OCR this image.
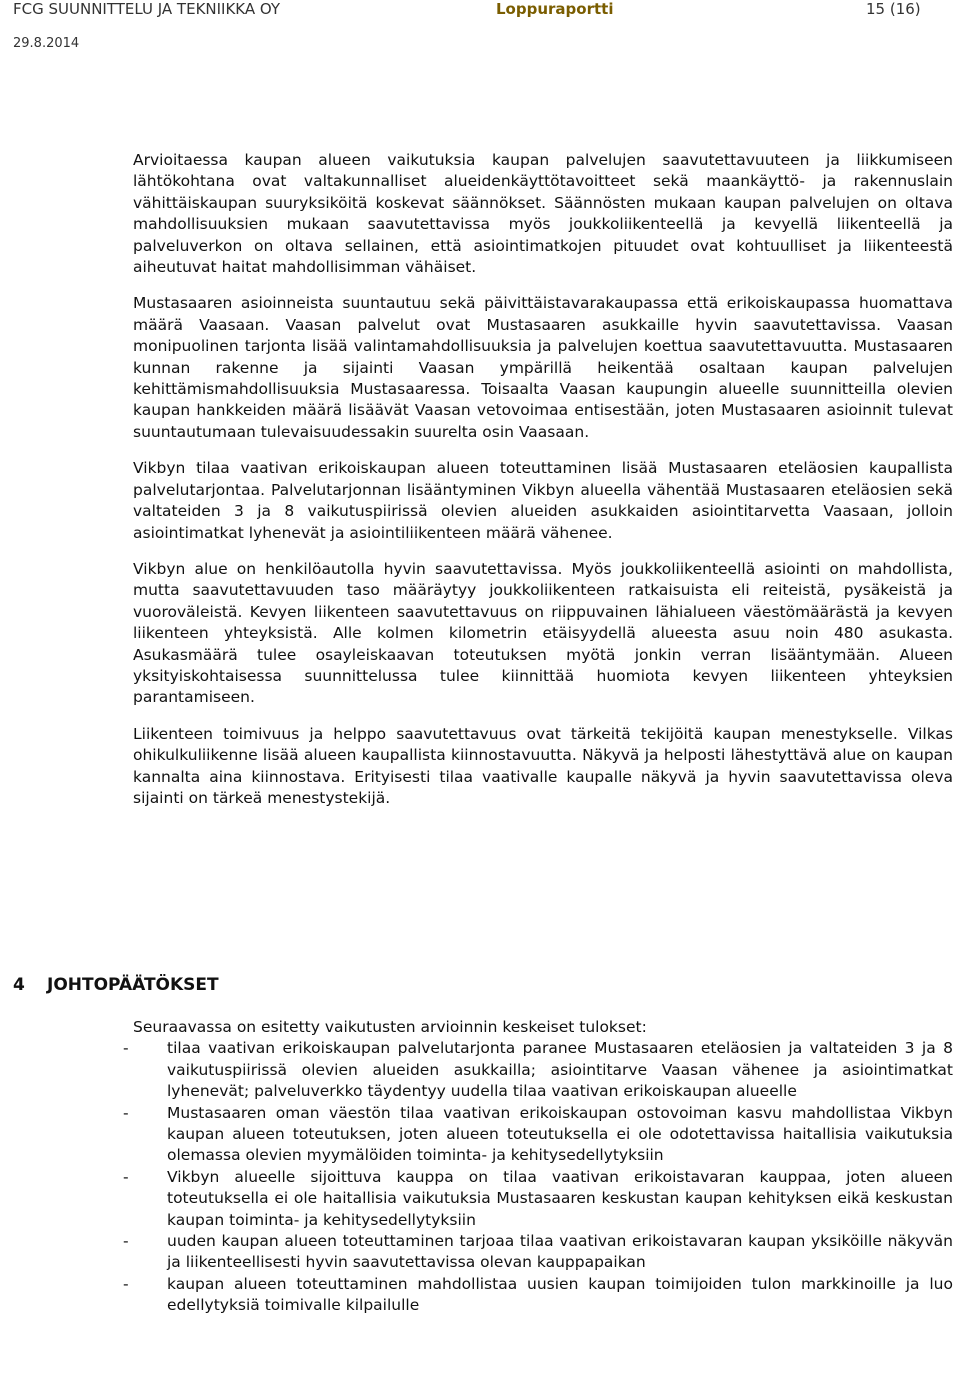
FCG SUUNNITTELU JA TEKNIIKKA OY	Loppuraportti	15 (16)
29.8.2014

Arvioitaessa kaupan alueen vaikutuksia kaupan palvelujen saavutettavuuteen ja liikkumiseen lähtökohtana ovat valtakunnalliset alueidenkäyttötavoitteet sekä maankäyttö- ja rakennuslain vähittäiskaupan suuryksiköitä koskevat säännökset. Säännösten mukaan kaupan palvelujen on oltava mahdollisuuksien mukaan saavutettavissa myös joukkoliikenteellä ja kevyellä liikenteellä ja palveluverkon on oltava sellainen, että asiointimatkojen pituudet ovat kohtuulliset ja liikenteestä aiheutuvat haitat mahdollisimman vähäiset.

Mustasaaren asioinneista suuntautuu sekä päivittäistavarakaupassa että erikoiskaupassa huomattava määrä Vaasaan. Vaasan palvelut ovat Mustasaaren asukkaille hyvin saavutettavissa. Vaasan monipuolinen tarjonta lisää valintamahdollisuuksia ja palvelujen koettua saavutettavuutta. Mustasaaren kunnan rakenne ja sijainti Vaasan ympärillä heikentää osaltaan kaupan palvelujen kehittämismahdollisuuksia Mustasaaressa. Toisaalta Vaasan kaupungin alueelle suunnitteilla olevien kaupan hankkeiden määrä lisäävät Vaasan vetovoimaa entisestään, joten Mustasaaren asioinnit tulevat suuntautumaan tulevaisuudessakin suurelta osin Vaasaan.

Vikbyn tilaa vaativan erikoiskaupan alueen toteuttaminen lisää Mustasaaren eteläosien kaupallista palvelutarjontaa. Palvelutarjonnan lisääntyminen Vikbyn alueella vähentää Mustasaaren eteläosien sekä valtateiden 3 ja 8 vaikutuspiirissä olevien alueiden asukkaiden asiointitarvetta Vaasaan, jolloin asiointimatkat lyhenevät ja asiointiliikenteen määrä vähenee.

Vikbyn alue on henkilöautolla hyvin saavutettavissa. Myös joukkoliikenteellä asiointi on mahdollista, mutta saavutettavuuden taso määräytyy joukkoliikenteen ratkaisuista eli reiteistä, pysäkeistä ja vuoroväleistä. Kevyen liikenteen saavutettavuus on riippuvainen lähialueen väestömäärästä ja kevyen liikenteen yhteyksistä. Alle kolmen kilometrin etäisyydellä alueesta asuu noin 480 asukasta. Asukasmäärä tulee osayleiskaavan toteutuksen myötä jonkin verran lisääntymään. Alueen yksityiskohtaisessa suunnittelussa tulee kiinnittää huomiota kevyen liikenteen yhteyksien parantamiseen.

Liikenteen toimivuus ja helppo saavutettavuus ovat tärkeitä tekijöitä kaupan menestykselle. Vilkas ohikulkuliikenne lisää alueen kaupallista kiinnostavuutta. Näkyvä ja helposti lähestyttävä alue on kaupan kannalta aina kiinnostava. Erityisesti tilaa vaativalle kaupalle näkyvä ja hyvin saavutettavissa oleva sijainti on tärkeä menestystekijä.

4 JOHTOPÄÄTÖKSET
Seuraavassa on esitetty vaikutusten arvioinnin keskeiset tulokset:
- tilaa vaativan erikoiskaupan palvelutarjonta paranee Mustasaaren eteläosien ja valtateiden 3 ja 8 vaikutuspiirissä olevien alueiden asukkailla; asiointitarve Vaasan vähenee ja asiointimatkat lyhenevät; palveluverkko täydentyy uudella tilaa vaativan erikoiskaupan alueelle
- Mustasaaren oman väestön tilaa vaativan erikoiskaupan ostovoiman kasvu mahdollistaa Vikbyn kaupan alueen toteutuksen, joten alueen toteutuksella ei ole odotettavissa haitallisia vaikutuksia olemassa olevien myymälöiden toiminta- ja kehitysedellytyksiin
- Vikbyn alueelle sijoittuva kauppa on tilaa vaativan erikoistavaran kauppaa, joten alueen toteutuksella ei ole haitallisia vaikutuksia Mustasaaren keskustan kaupan kehityksen eikä keskustan kaupan toiminta- ja kehitysedellytyksiin
- uuden kaupan alueen toteuttaminen tarjoaa tilaa vaativan erikoistavaran kaupan yksiköille näkyvän ja liikenteellisesti hyvin saavutettavissa olevan kauppapaikan
- kaupan alueen toteuttaminen mahdollistaa uusien kaupan toimijoiden tulon markkinoille ja luo edellytyksiä toimivalle kilpailulle
